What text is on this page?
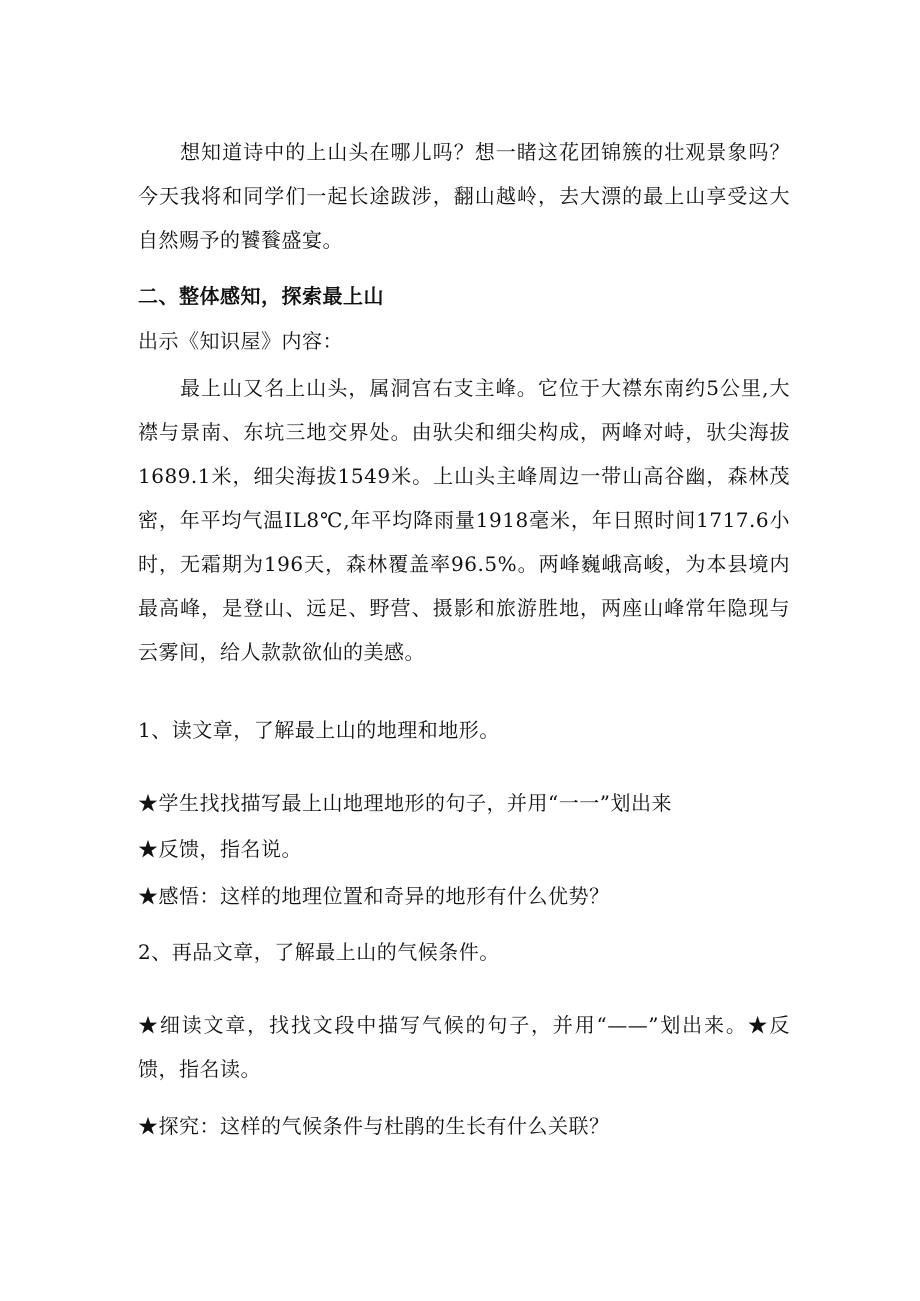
想知道诗中的上山头在哪儿吗？想一睹这花团锦簇的壮观景象吗？今天我将和同学们一起长途跋涉，翻山越岭，去大漂的最上山享受这大自然赐予的饕餮盛宴。
二、整体感知，探索最上山
出示《知识屋》内容：
最上山又名上山头，属洞宫右支主峰。它位于大襟东南约5公里,大襟与景南、东坑三地交界处。由驮尖和细尖构成，两峰对峙，驮尖海拔1689.1米，细尖海拔1549米。上山头主峰周边一带山高谷幽，森林茂密，年平均气温IL8℃,年平均降雨量1918毫米，年日照时间1717.6小时，无霜期为196天，森林覆盖率96.5%。两峰巍峨高峻，为本县境内最高峰，是登山、远足、野营、摄影和旅游胜地，两座山峰常年隐现与云雾间，给人款款欲仙的美感。
1、读文章，了解最上山的地理和地形。
★学生找找描写最上山地理地形的句子，并用“一一”划出来
★反馈，指名说。
★感悟：这样的地理位置和奇异的地形有什么优势？
2、再品文章，了解最上山的气候条件。
★细读文章，找找文段中描写气候的句子，并用“——”划出来。★反馈，指名读。
★探究：这样的气候条件与杜鹃的生长有什么关联？
